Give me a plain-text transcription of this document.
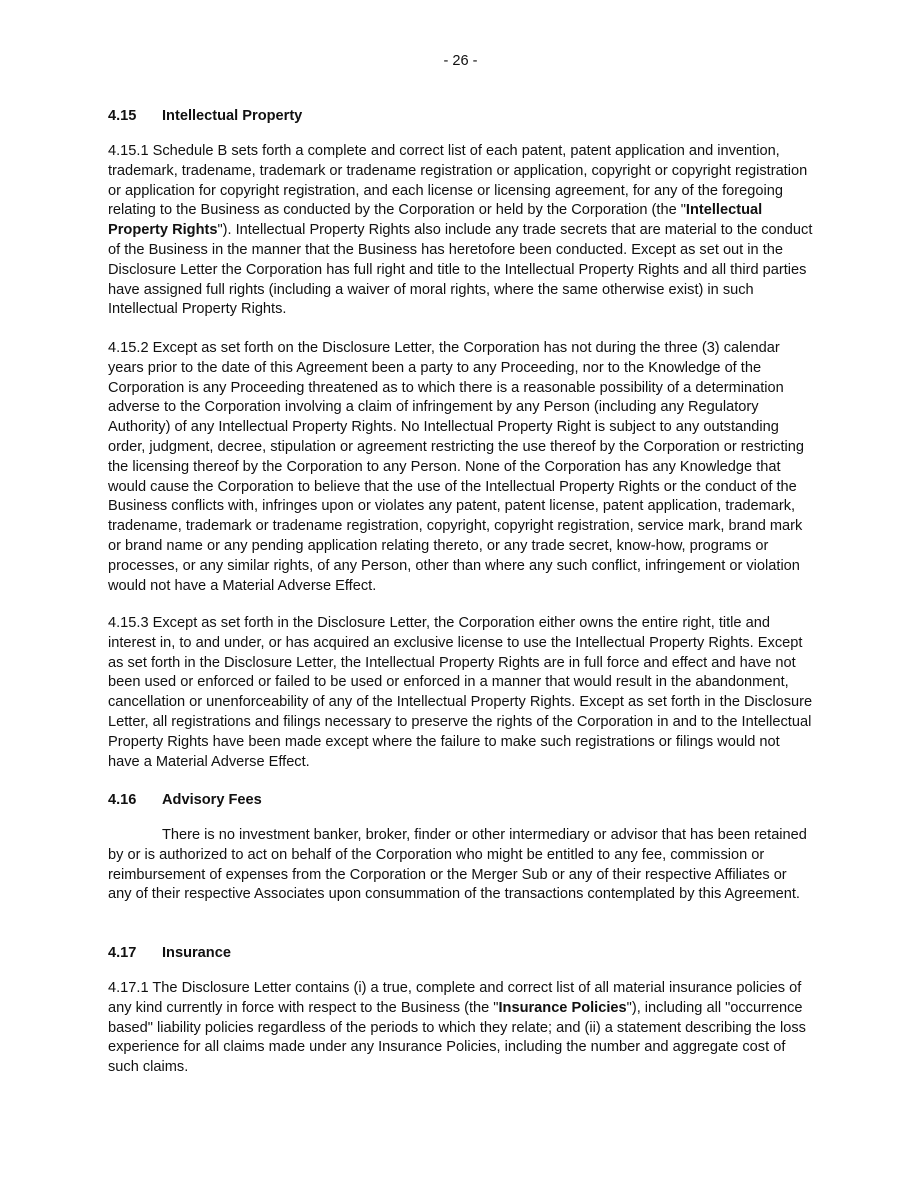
- 26 -
4.15 Intellectual Property

4.15.1 Schedule B sets forth a complete and correct list of each patent, patent application and invention, trademark, tradename, trademark or tradename registration or application, copyright or copyright registration or application for copyright registration, and each license or licensing agreement, for any of the foregoing relating to the Business as conducted by the Corporation or held by the Corporation (the "Intellectual Property Rights"). Intellectual Property Rights also include any trade secrets that are material to the conduct of the Business in the manner that the Business has heretofore been conducted. Except as set out in the Disclosure Letter the Corporation has full right and title to the Intellectual Property Rights and all third parties have assigned full rights (including a waiver of moral rights, where the same otherwise exist) in such Intellectual Property Rights.

4.15.2 Except as set forth on the Disclosure Letter, the Corporation has not during the three (3) calendar years prior to the date of this Agreement been a party to any Proceeding, nor to the Knowledge of the Corporation is any Proceeding threatened as to which there is a reasonable possibility of a determination adverse to the Corporation involving a claim of infringement by any Person (including any Regulatory Authority) of any Intellectual Property Rights. No Intellectual Property Right is subject to any outstanding order, judgment, decree, stipulation or agreement restricting the use thereof by the Corporation or restricting the licensing thereof by the Corporation to any Person. None of the Corporation has any Knowledge that would cause the Corporation to believe that the use of the Intellectual Property Rights or the conduct of the Business conflicts with, infringes upon or violates any patent, patent license, patent application, trademark, tradename, trademark or tradename registration, copyright, copyright registration, service mark, brand mark or brand name or any pending application relating thereto, or any trade secret, know-how, programs or processes, or any similar rights, of any Person, other than where any such conflict, infringement or violation would not have a Material Adverse Effect.

4.15.3 Except as set forth in the Disclosure Letter, the Corporation either owns the entire right, title and interest in, to and under, or has acquired an exclusive license to use the Intellectual Property Rights. Except as set forth in the Disclosure Letter, the Intellectual Property Rights are in full force and effect and have not been used or enforced or failed to be used or enforced in a manner that would result in the abandonment, cancellation or unenforceability of any of the Intellectual Property Rights. Except as set forth in the Disclosure Letter, all registrations and filings necessary to preserve the rights of the Corporation in and to the Intellectual Property Rights have been made except where the failure to make such registrations or filings would not have a Material Adverse Effect.

4.16 Advisory Fees

There is no investment banker, broker, finder or other intermediary or advisor that has been retained by or is authorized to act on behalf of the Corporation who might be entitled to any fee, commission or reimbursement of expenses from the Corporation or the Merger Sub or any of their respective Affiliates or any of their respective Associates upon consummation of the transactions contemplated by this Agreement.

4.17 Insurance

4.17.1 The Disclosure Letter contains (i) a true, complete and correct list of all material insurance policies of any kind currently in force with respect to the Business (the "Insurance Policies"), including all "occurrence based" liability policies regardless of the periods to which they relate; and (ii) a statement describing the loss experience for all claims made under any Insurance Policies, including the number and aggregate cost of such claims.
